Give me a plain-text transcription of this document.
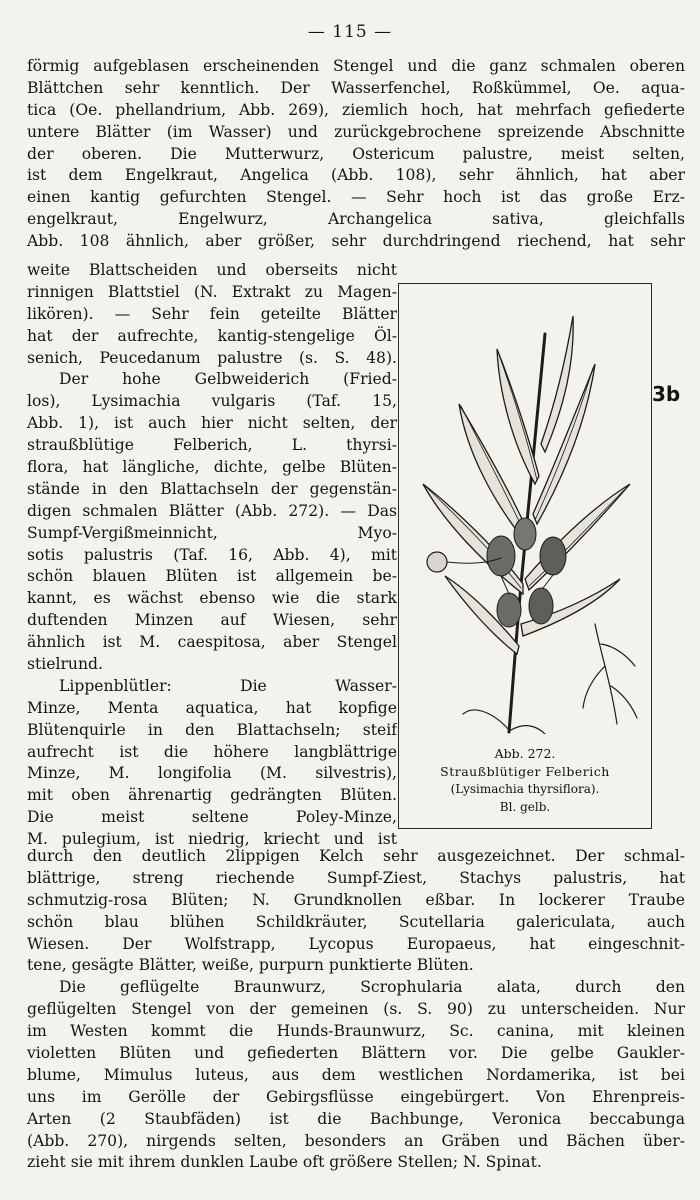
— 115 —
förmig aufgeblasen erscheinenden Stengel und die ganz schmalen oberen
Blättchen sehr kenntlich. Der Wasserfenchel, Roßkümmel, Oe. aqua-
tica (Oe. phellandrium, Abb. 269), ziemlich hoch, hat mehrfach gefiederte
untere Blätter (im Wasser) und zurückgebrochene spreizende Abschnitte
der oberen. Die Mutterwurz, Ostericum palustre, meist selten,
ist dem Engelkraut, Angelica (Abb. 108), sehr ähnlich, hat aber
einen kantig gefurchten Stengel. — Sehr hoch ist das große Erz-
engelkraut, Engelwurz, Archangelica sativa, gleichfalls
Abb. 108 ähnlich, aber größer, sehr durchdringend riechend, hat sehr
weite Blattscheiden und oberseits nicht
rinnigen Blattstiel (N. Extrakt zu Magen-
likören). — Sehr fein geteilte Blätter
hat der aufrechte, kantig-stengelige Öl-
senich, Peucedanum palustre (s. S. 48).
Der hohe Gelbweiderich (Fried-
los), Lysimachia vulgaris (Taf. 15,
Abb. 1), ist auch hier nicht selten, der
straußblütige Felberich, L. thyrsi-
flora, hat längliche, dichte, gelbe Blüten-
stände in den Blattachseln der gegenstän-
digen schmalen Blätter (Abb. 272). — Das
Sumpf-Vergißmeinnicht, Myo-
sotis palustris (Taf. 16, Abb. 4), mit
schön blauen Blüten ist allgemein be-
kannt, es wächst ebenso wie die stark
duftenden Minzen auf Wiesen, sehr
ähnlich ist M. caespitosa, aber Stengel
stielrund.
Lippenblütler: Die Wasser-
Minze, Menta aquatica, hat kopfige
Blütenquirle in den Blattachseln; steif
aufrecht ist die höhere langblättrige
Minze, M. longifolia (M. silvestris),
mit oben ährenartig gedrängten Blüten.
Die meist seltene Poley-Minze,
M. pulegium, ist niedrig, kriecht und ist
Abb. 272.
Straußblütiger Felberich
(Lysimachia thyrsiflora).
Bl. gelb.
3b
durch den deutlich 2lippigen Kelch sehr ausgezeichnet. Der schmal-
blättrige, streng riechende Sumpf-Ziest, Stachys palustris, hat
schmutzig-rosa Blüten; N. Grundknollen eßbar. In lockerer Traube
schön blau blühen Schildkräuter, Scutellaria galericulata, auch
Wiesen. Der Wolfstrapp, Lycopus Europaeus, hat eingeschnit-
tene, gesägte Blätter, weiße, purpurn punktierte Blüten.
Die geflügelte Braunwurz, Scrophularia alata, durch den
geflügelten Stengel von der gemeinen (s. S. 90) zu unterscheiden. Nur
im Westen kommt die Hunds-Braunwurz, Sc. canina, mit kleinen
violetten Blüten und gefiederten Blättern vor. Die gelbe Gaukler-
blume, Mimulus luteus, aus dem westlichen Nordamerika, ist bei
uns im Gerölle der Gebirgsflüsse eingebürgert. Von Ehrenpreis-
Arten (2 Staubfäden) ist die Bachbunge, Veronica beccabunga
(Abb. 270), nirgends selten, besonders an Gräben und Bächen über-
zieht sie mit ihrem dunklen Laube oft größere Stellen; N. Spinat.
